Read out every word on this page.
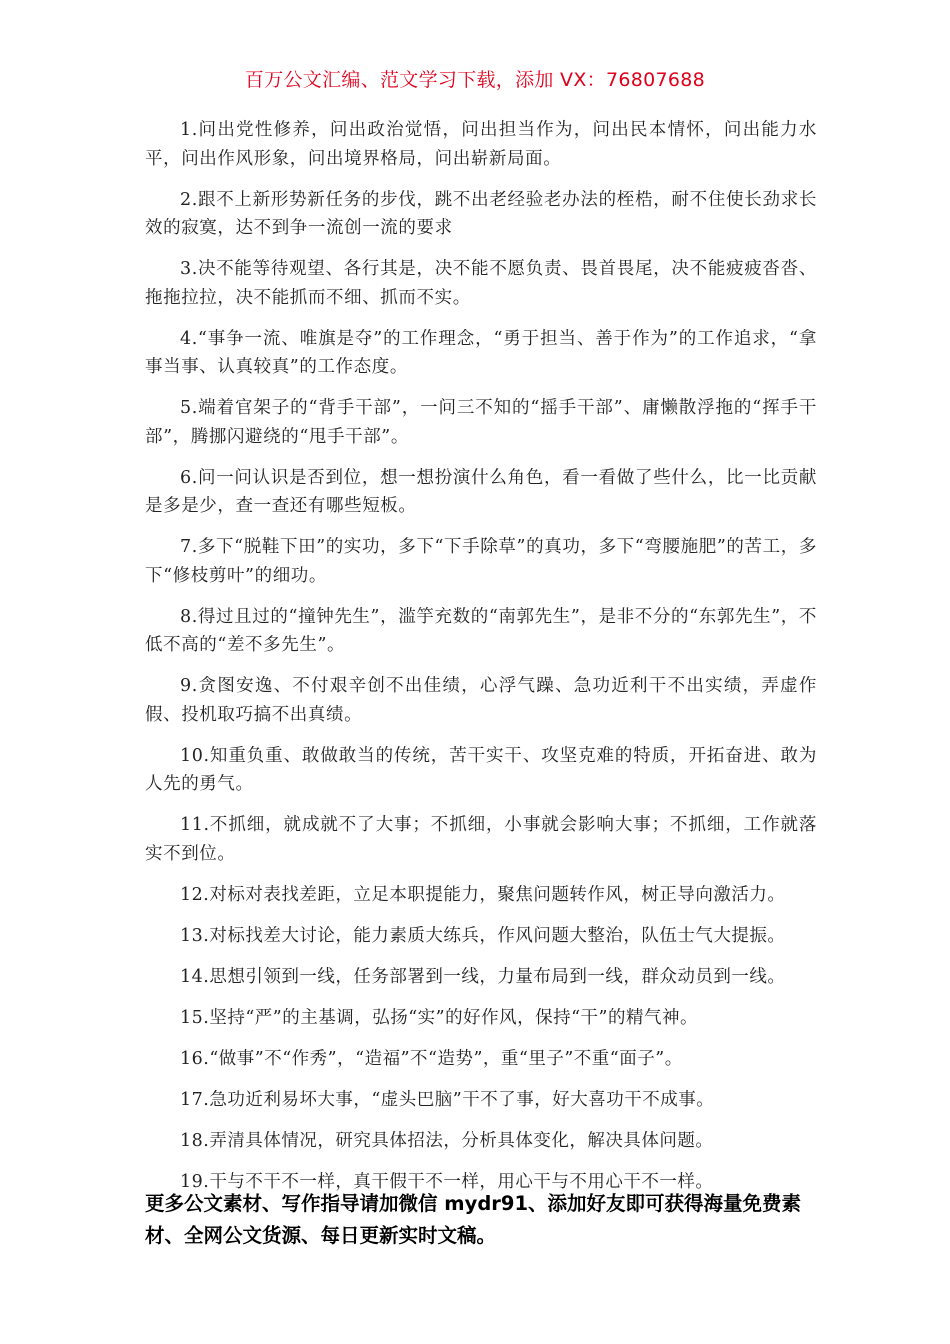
百万公文汇编、范文学习下载，添加 VX：76807688

1.问出党性修养，问出政治觉悟，问出担当作为，问出民本情怀，问出能力水平，问出作风形象，问出境界格局，问出崭新局面。

2.跟不上新形势新任务的步伐，跳不出老经验老办法的桎梏，耐不住使长劲求长效的寂寞，达不到争一流创一流的要求

3.决不能等待观望、各行其是，决不能不愿负责、畏首畏尾，决不能疲疲沓沓、拖拖拉拉，决不能抓而不细、抓而不实。

4.“事争一流、唯旗是夺”的工作理念，“勇于担当、善于作为”的工作追求，“拿事当事、认真较真”的工作态度。

5.端着官架子的“背手干部”，一问三不知的“摇手干部”、庸懒散浮拖的“挥手干部”，腾挪闪避绕的“甩手干部”。

6.问一问认识是否到位，想一想扮演什么角色，看一看做了些什么，比一比贡献是多是少，查一查还有哪些短板。

7.多下“脱鞋下田”的实功，多下“下手除草”的真功，多下“弯腰施肥”的苦工，多下“修枝剪叶”的细功。

8.得过且过的“撞钟先生”，滥竽充数的“南郭先生”，是非不分的“东郭先生”，不低不高的“差不多先生”。

9.贪图安逸、不付艰辛创不出佳绩，心浮气躁、急功近利干不出实绩，弄虚作假、投机取巧搞不出真绩。

10.知重负重、敢做敢当的传统，苦干实干、攻坚克难的特质，开拓奋进、敢为人先的勇气。

11.不抓细，就成就不了大事；不抓细，小事就会影响大事；不抓细，工作就落实不到位。

12.对标对表找差距，立足本职提能力，聚焦问题转作风，树正导向激活力。

13.对标找差大讨论，能力素质大练兵，作风问题大整治，队伍士气大提振。

14.思想引领到一线，任务部署到一线，力量布局到一线，群众动员到一线。

15.坚持“严”的主基调，弘扬“实”的好作风，保持“干”的精气神。

16.“做事”不“作秀”，“造福”不“造势”，重“里子”不重“面子”。

17.急功近利易坏大事，“虚头巴脑”干不了事，好大喜功干不成事。

18.弄清具体情况，研究具体招法，分析具体变化，解决具体问题。

19.干与不干不一样，真干假干不一样，用心干与不用心干不一样。

更多公文素材、写作指导请加微信 mydr91、添加好友即可获得海量免费素材、全网公文货源、每日更新实时文稿。
